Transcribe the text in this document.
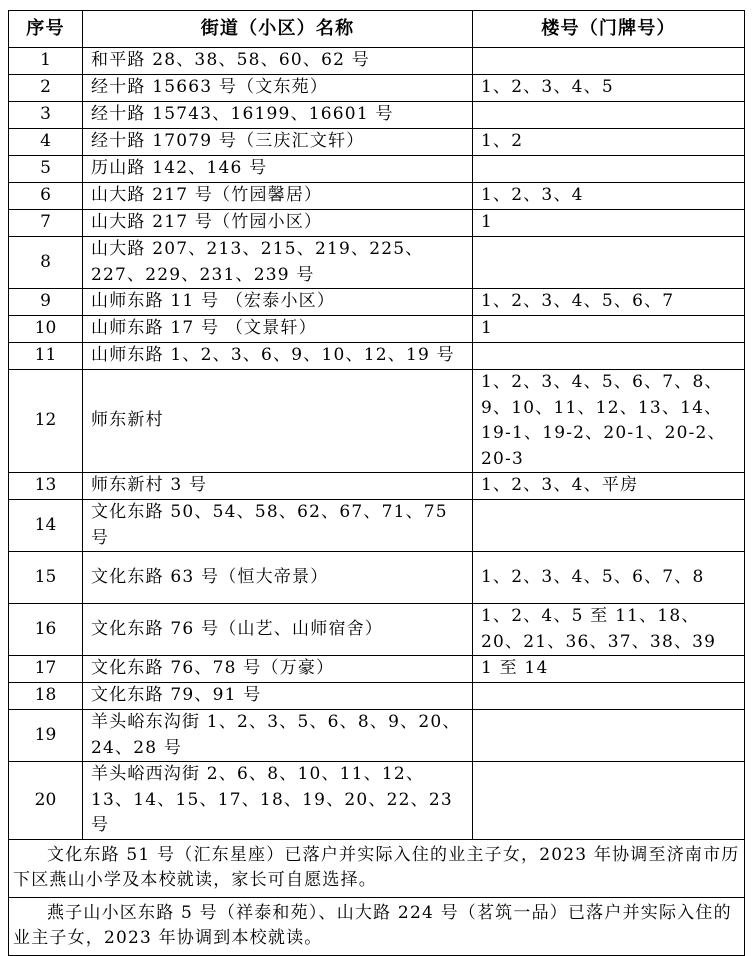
序号	街道（小区）名称	楼号（门牌号）
1	和平路 28、38、58、60、62 号	
2	经十路 15663 号（文东苑）	1、2、3、4、5
3	经十路 15743、16199、16601 号	
4	经十路 17079 号（三庆汇文轩）	1、2
5	历山路 142、146 号	
6	山大路 217 号（竹园馨居）	1、2、3、4
7	山大路 217 号（竹园小区）	1
8	山大路 207、213、215、219、225、227、229、231、239 号	
9	山师东路 11 号 （宏泰小区）	1、2、3、4、5、6、7
10	山师东路 17 号 （文景轩）	1
11	山师东路 1、2、3、6、9、10、12、19 号	
12	师东新村	1、2、3、4、5、6、7、8、9、10、11、12、13、14、19-1、19-2、20-1、20-2、20-3
13	师东新村 3 号	1、2、3、4、平房
14	文化东路 50、54、58、62、67、71、75 号	
15	文化东路 63 号（恒大帝景）	1、2、3、4、5、6、7、8
16	文化东路 76 号（山艺、山师宿舍）	1、2、4、5 至 11、18、20、21、36、37、38、39
17	文化东路 76、78 号（万豪）	1 至 14
18	文化东路 79、91 号	
19	羊头峪东沟街 1、2、3、5、6、8、9、20、24、28 号	
20	羊头峪西沟街 2、6、8、10、11、12、13、14、15、17、18、19、20、22、23 号	
文化东路 51 号（汇东星座）已落户并实际入住的业主子女，2023 年协调至济南市历下区燕山小学及本校就读，家长可自愿选择。		
燕子山小区东路 5 号（祥泰和苑）、山大路 224 号（茗筑一品）已落户并实际入住的业主子女，2023 年协调到本校就读。		
